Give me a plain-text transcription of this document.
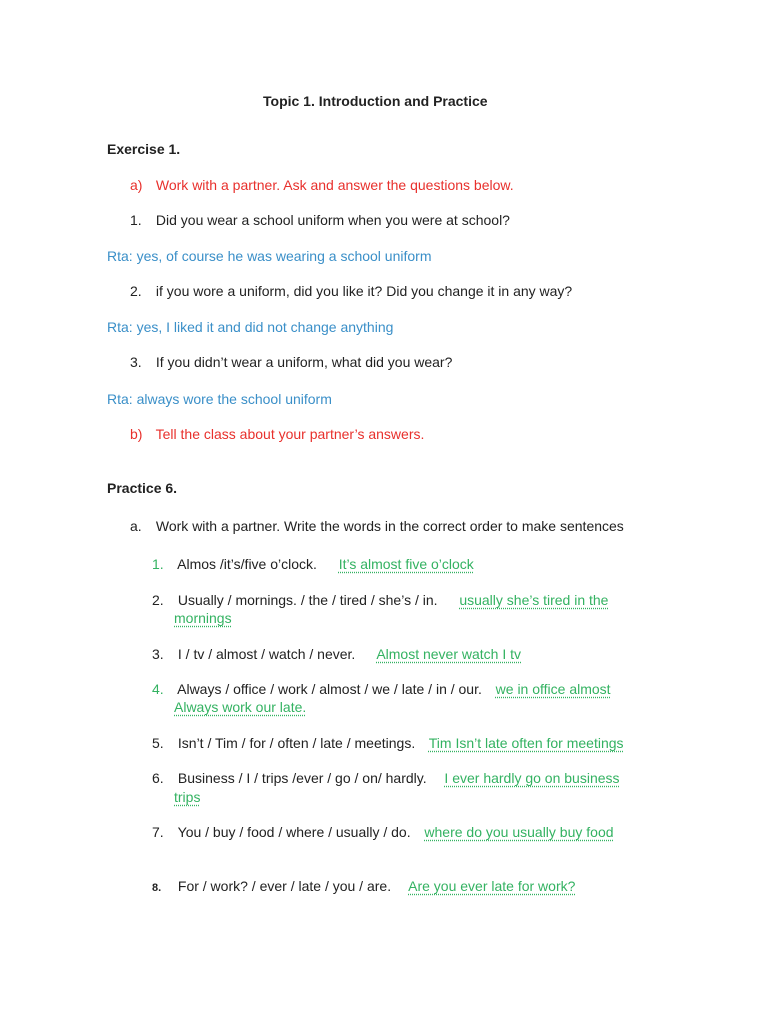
Topic 1. Introduction and Practice
Exercise 1.
a) Work with a partner. Ask and answer the questions below.
1. Did you wear a school uniform when you were at school?
Rta: yes, of course he was wearing a school uniform
2. if you wore a uniform, did you like it? Did you change it in any way?
Rta: yes, I liked it and did not change anything
3. If you didn’t wear a uniform, what did you wear?
Rta: always wore the school uniform
b) Tell the class about your partner’s answers.
Practice 6.
a. Work with a partner. Write the words in the correct order to make sentences
1. Almos /it’s/five o’clock. It’s almost five o’clock
2. Usually / mornings. / the / tired / she’s / in. usually she’s tired in the
mornings
3. I / tv / almost / watch / never. Almost never watch I tv
4. Always / office / work / almost / we / late / in / our. we in office almost
Always work our late.
5. Isn’t / Tim / for / often / late / meetings. Tim Isn’t late often for meetings
6. Business / I / trips /ever / go / on/ hardly. I ever hardly go on business
trips
7. You / buy / food / where / usually / do. where do you usually buy food
8. For / work? / ever / late / you / are. Are you ever late for work?
